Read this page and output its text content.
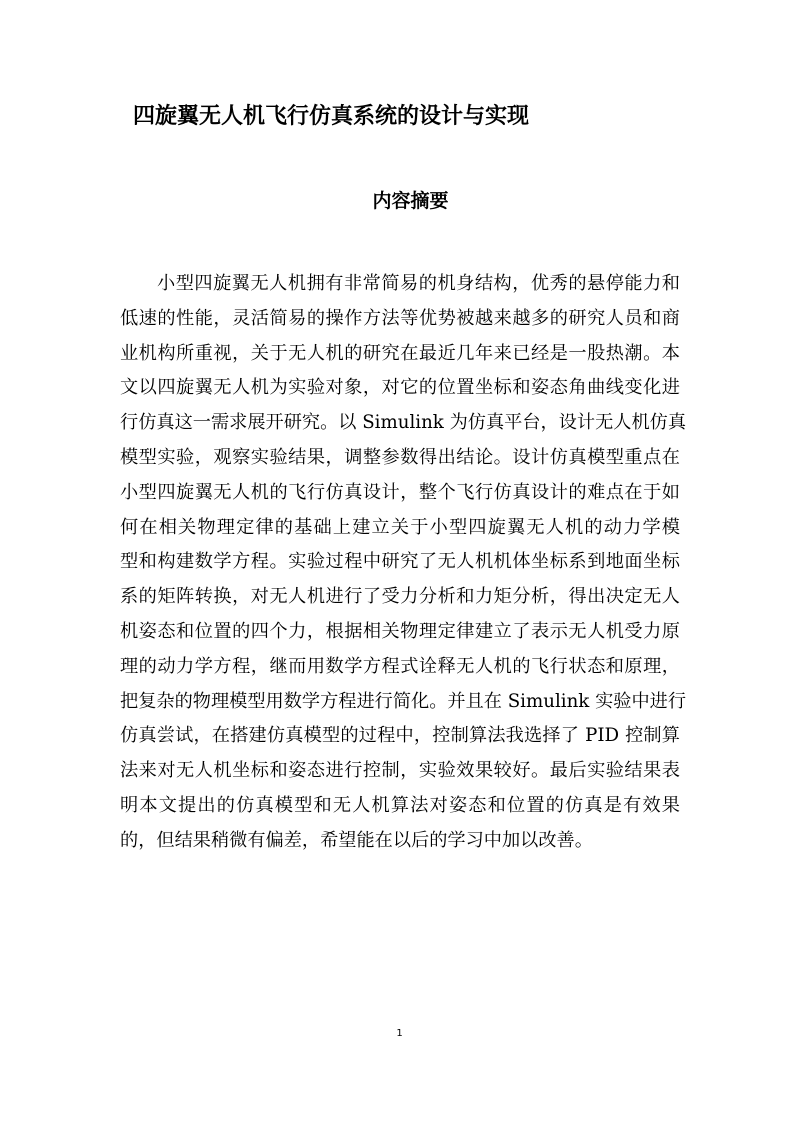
四旋翼无人机飞行仿真系统的设计与实现
内容摘要
小型四旋翼无人机拥有非常简易的机身结构，优秀的悬停能力和
低速的性能，灵活简易的操作方法等优势被越来越多的研究人员和商
业机构所重视，关于无人机的研究在最近几年来已经是一股热潮。本
文以四旋翼无人机为实验对象，对它的位置坐标和姿态角曲线变化进
行仿真这一需求展开研究。以 Simulink 为仿真平台，设计无人机仿真
模型实验，观察实验结果，调整参数得出结论。设计仿真模型重点在
小型四旋翼无人机的飞行仿真设计，整个飞行仿真设计的难点在于如
何在相关物理定律的基础上建立关于小型四旋翼无人机的动力学模
型和构建数学方程。实验过程中研究了无人机机体坐标系到地面坐标
系的矩阵转换，对无人机进行了受力分析和力矩分析，得出决定无人
机姿态和位置的四个力，根据相关物理定律建立了表示无人机受力原
理的动力学方程，继而用数学方程式诠释无人机的飞行状态和原理，
把复杂的物理模型用数学方程进行简化。并且在 Simulink 实验中进行
仿真尝试，在搭建仿真模型的过程中，控制算法我选择了 PID 控制算
法来对无人机坐标和姿态进行控制，实验效果较好。最后实验结果表
明本文提出的仿真模型和无人机算法对姿态和位置的仿真是有效果
的，但结果稍微有偏差，希望能在以后的学习中加以改善。
1
